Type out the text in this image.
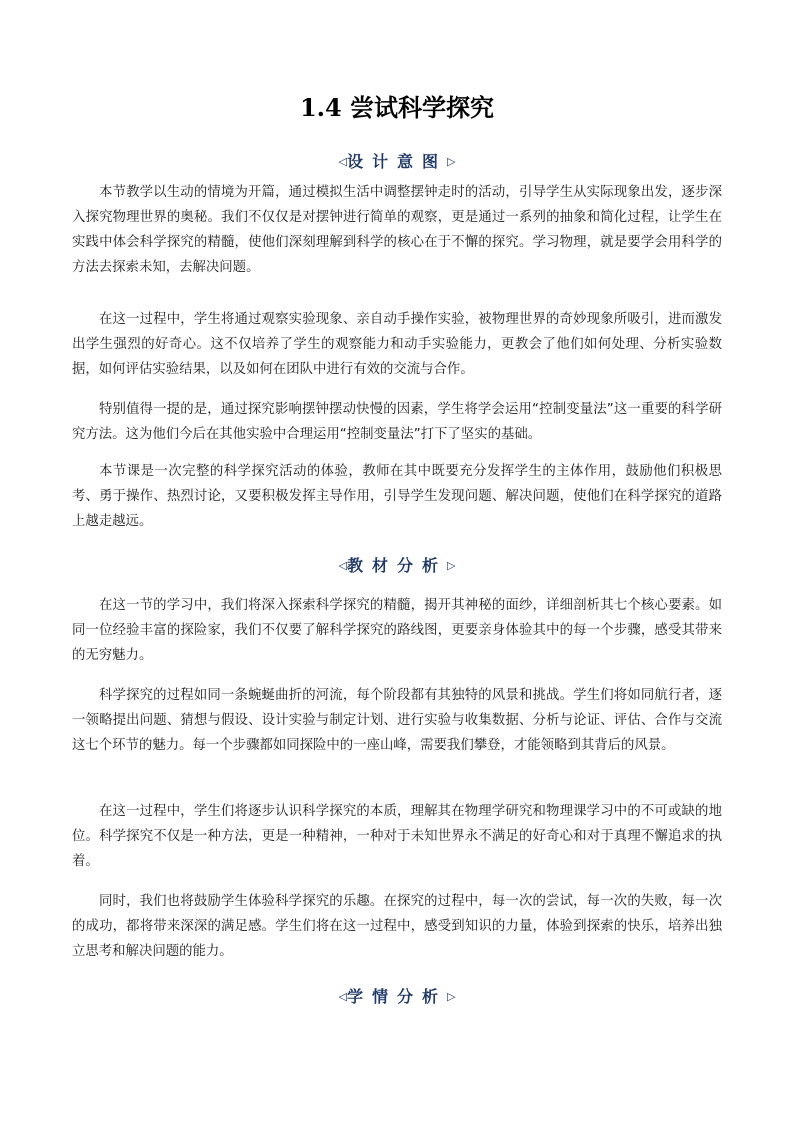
1.4 尝试科学探究
◁设计意图▷

本节教学以生动的情境为开篇，通过模拟生活中调整摆钟走时的活动，引导学生从实际现象出发，逐步深入探究物理世界的奥秘。我们不仅仅是对摆钟进行简单的观察，更是通过一系列的抽象和简化过程，让学生在实践中体会科学探究的精髓，使他们深刻理解到科学的核心在于不懈的探究。学习物理，就是要学会用科学的方法去探索未知，去解决问题。

在这一过程中，学生将通过观察实验现象、亲自动手操作实验，被物理世界的奇妙现象所吸引，进而激发出学生强烈的好奇心。这不仅培养了学生的观察能力和动手实验能力，更教会了他们如何处理、分析实验数据，如何评估实验结果，以及如何在团队中进行有效的交流与合作。

特别值得一提的是，通过探究影响摆钟摆动快慢的因素，学生将学会运用“控制变量法”这一重要的科学研究方法。这为他们今后在其他实验中合理运用“控制变量法”打下了坚实的基础。

本节课是一次完整的科学探究活动的体验，教师在其中既要充分发挥学生的主体作用，鼓励他们积极思考、勇于操作、热烈讨论，又要积极发挥主导作用，引导学生发现问题、解决问题，使他们在科学探究的道路上越走越远。

◁教材分析▷

在这一节的学习中，我们将深入探索科学探究的精髓，揭开其神秘的面纱，详细剖析其七个核心要素。如同一位经验丰富的探险家，我们不仅要了解科学探究的路线图，更要亲身体验其中的每一个步骤，感受其带来的无穷魅力。

科学探究的过程如同一条蜿蜒曲折的河流，每个阶段都有其独特的风景和挑战。学生们将如同航行者，逐一领略提出问题、猜想与假设、设计实验与制定计划、进行实验与收集数据、分析与论证、评估、合作与交流这七个环节的魅力。每一个步骤都如同探险中的一座山峰，需要我们攀登，才能领略到其背后的风景。

在这一过程中，学生们将逐步认识科学探究的本质，理解其在物理学研究和物理课学习中的不可或缺的地位。科学探究不仅是一种方法，更是一种精神，一种对于未知世界永不满足的好奇心和对于真理不懈追求的执着。

同时，我们也将鼓励学生体验科学探究的乐趣。在探究的过程中，每一次的尝试，每一次的失败，每一次的成功，都将带来深深的满足感。学生们将在这一过程中，感受到知识的力量，体验到探索的快乐，培养出独立思考和解决问题的能力。

◁学情分析▷
